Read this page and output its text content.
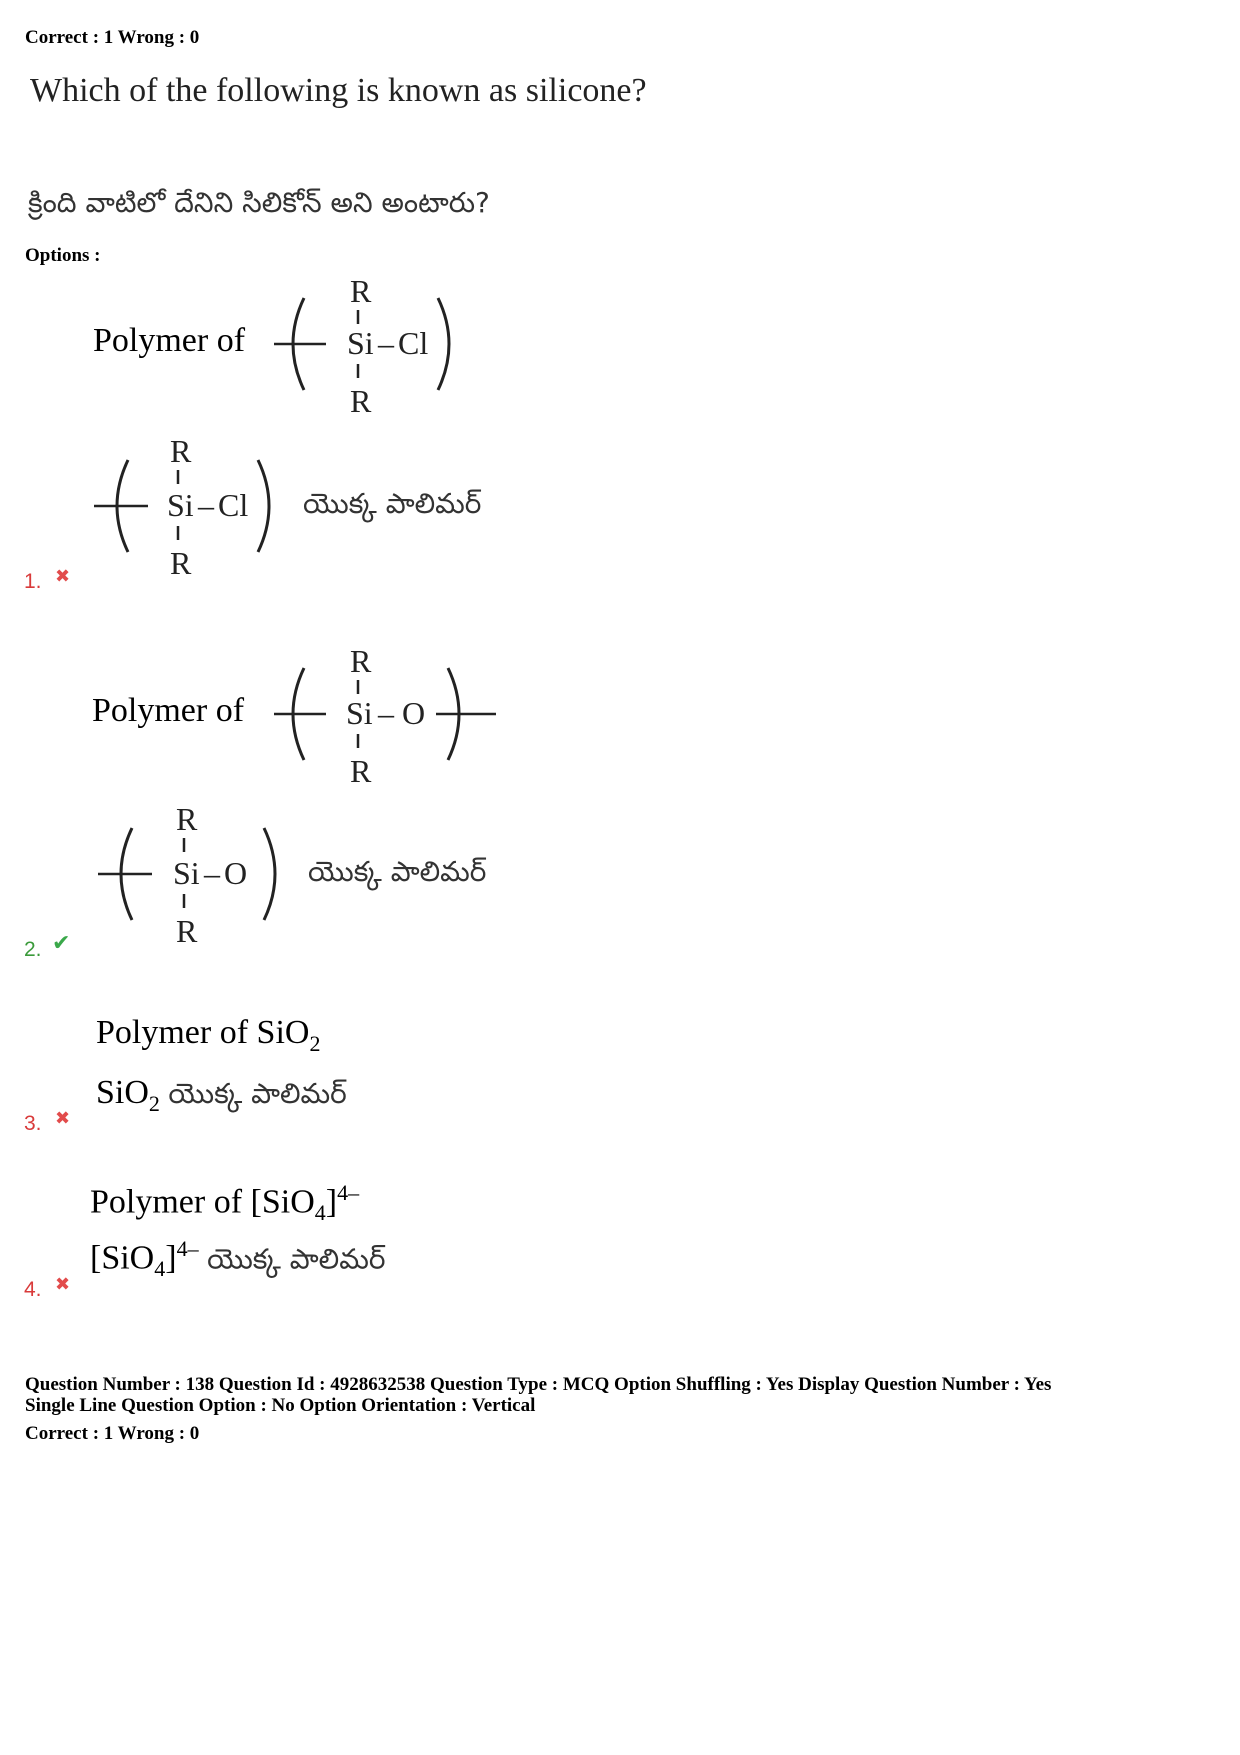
Correct : 1 Wrong : 0
Which of the following is known as silicone?
క్రింది వాటిలో దేనిని సిలికోన్ అని అంటారు?
Options :
Polymer of
R
Si – Cl
R
R
Si – Cl
R
యొక్క పాలిమర్
1. ✖
Polymer of
R
Si – O
R
R
Si – O
R
యొక్క పాలిమర్
2. ✔
Polymer of SiO$_2$
SiO$_2$ యొక్క పాలిమర్
3. ✖
Polymer of $[SiO_4]^{4-}$
$[SiO_4]^{4-}$ యొక్క పాలిమర్
4. ✖
Question Number : 138 Question Id : 4928632538 Question Type : MCQ Option Shuffling : Yes Display Question Number : Yes
Single Line Question Option : No Option Orientation : Vertical
Correct : 1 Wrong : 0
